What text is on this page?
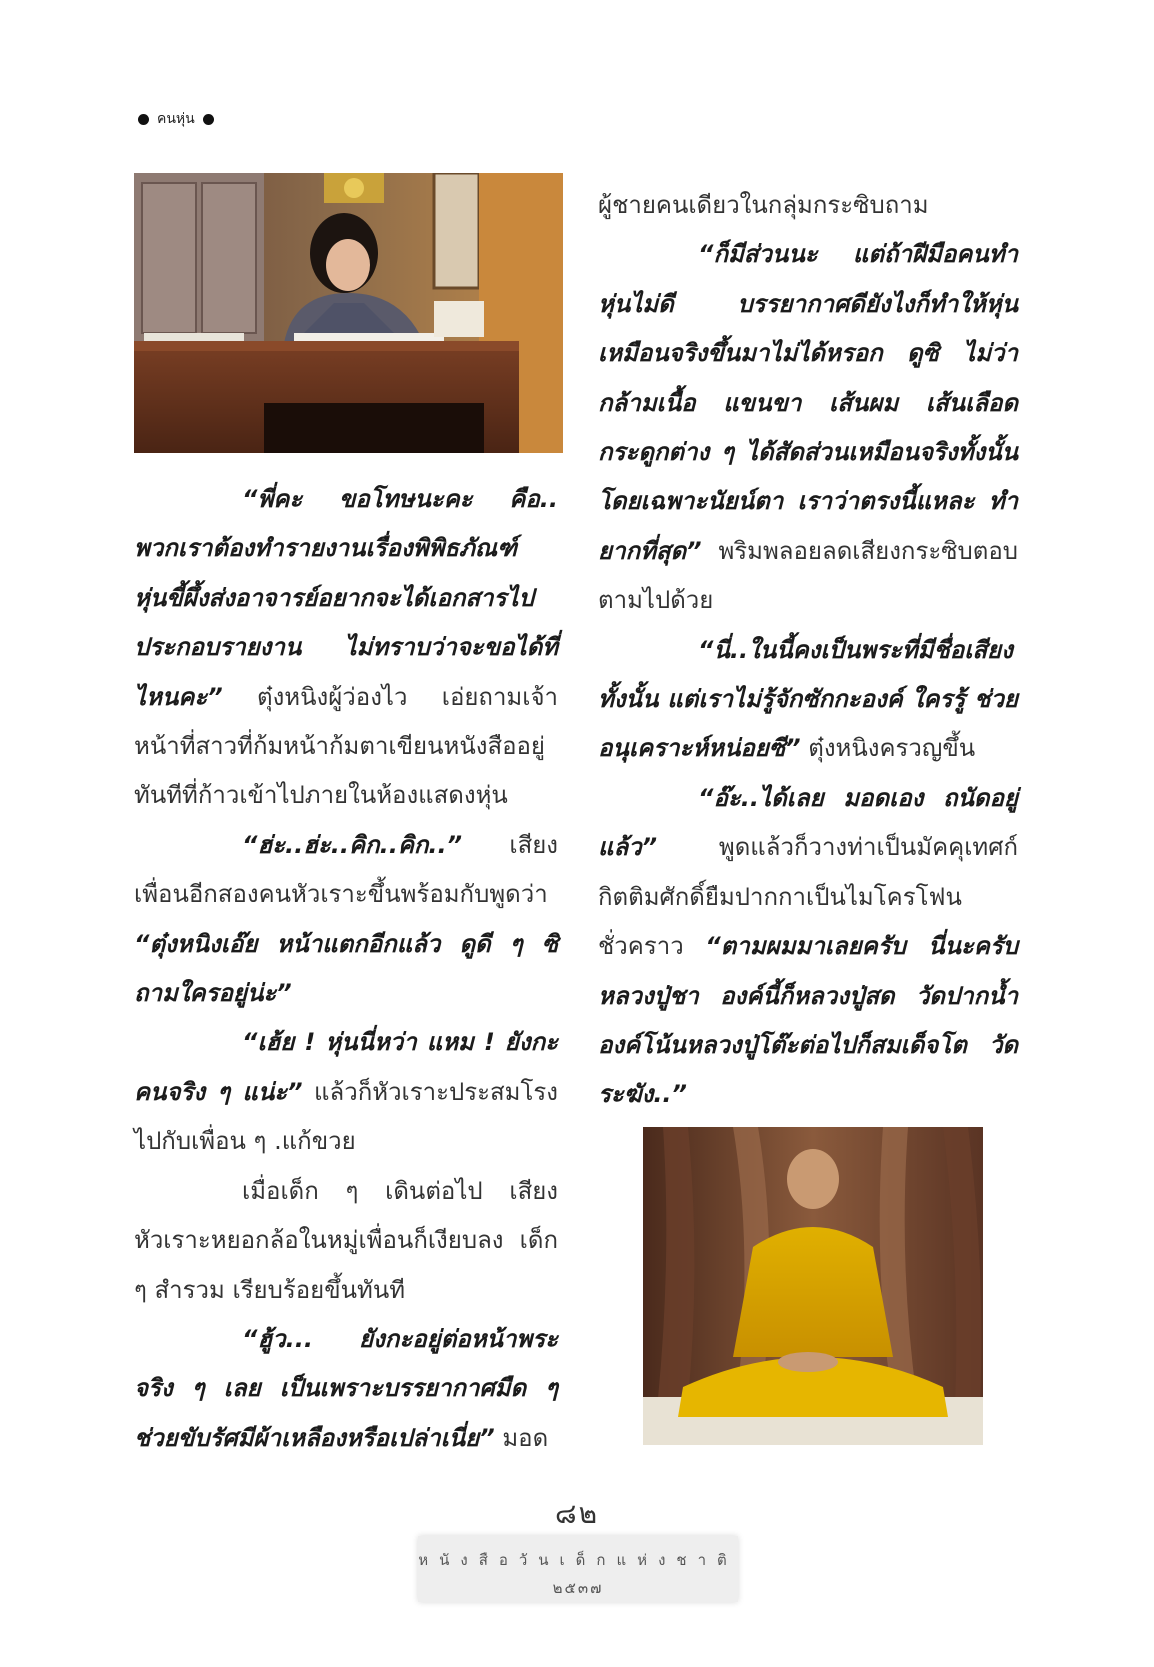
คนหุ่น

“พี่คะ ขอโทษนะคะ คือ..

พวกเราต้องทำรายงานเรื่องพิพิธภัณฑ์

หุ่นขี้ผึ้งส่งอาจารย์อยากจะได้เอกสารไป

ประกอบรายงาน ไม่ทราบว่าจะขอได้ที่

ไหนคะ” ตุ๋งหนิงผู้ว่องไว เอ่ยถามเจ้าหน้าที่สาวที่ก้มหน้าก้มตาเขียนหนังสืออยู่ ทันทีที่ก้าวเข้าไปภายในห้องแสดงหุ่น

“ฮ่ะ..ฮ่ะ..คิก..คิก..” เสียงเพื่อนอีกสองคนหัวเราะขึ้นพร้อมกับพูดว่า “ตุ๋งหนิงเอ๊ย หน้าแตกอีกแล้ว ดูดี ๆ ซิ ถามใครอยู่น่ะ”

“เฮ้ย ! หุ่นนี่หว่า แหม ! ยังกะคนจริง ๆ แน่ะ” แล้วก็หัวเราะประสมโรงไปกับเพื่อน ๆ .แก้ขวย

เมื่อเด็ก ๆ เดินต่อไป เสียงหัวเราะหยอกล้อในหมู่เพื่อนก็เงียบลง เด็ก ๆ สำรวม เรียบร้อยขึ้นทันที

“ฮู้ว... ยังกะอยู่ต่อหน้าพระจริง ๆ เลย เป็นเพราะบรรยากาศมืด ๆ ช่วยขับรัศมีผ้าเหลืองหรือเปล่าเนี่ย” มอด

ผู้ชายคนเดียวในกลุ่มกระซิบถาม

“ก็มีส่วนนะ แต่ถ้าฝีมือคนทำหุ่นไม่ดี บรรยากาศดียังไงก็ทำให้หุ่นเหมือนจริงขึ้นมาไม่ได้หรอก ดูซิ ไม่ว่ากล้ามเนื้อ แขนขา เส้นผม เส้นเลือด กระดูกต่าง ๆ ได้สัดส่วนเหมือนจริงทั้งนั้น โดยเฉพาะนัยน์ตา เราว่าตรงนี้แหละ ทำยากที่สุด” พริมพลอยลดเสียงกระซิบตอบตามไปด้วย

“นี่..ในนี้คงเป็นพระที่มีชื่อเสียงทั้งนั้น แต่เราไม่รู้จักซักกะองค์ ใครรู้ ช่วยอนุเคราะห์หน่อยซี” ตุ๋งหนิงครวญขึ้น

“อ๊ะ..ได้เลย มอดเอง ถนัดอยู่แล้ว” พูดแล้วก็วางท่าเป็นมัคคุเทศก์กิตติมศักดิ์ยืมปากกาเป็นไมโครโฟนชั่วคราว “ตามผมมาเลยครับ นี่นะครับหลวงปู่ชา องค์นี้ก็หลวงปู่สด วัดปากน้ำ องค์โน้นหลวงปู่โต๊ะต่อไปก็สมเด็จโต วัดระฆัง..”

๘๒
หนังสือวันเด็กแห่งชาติ
๒๕๓๗
